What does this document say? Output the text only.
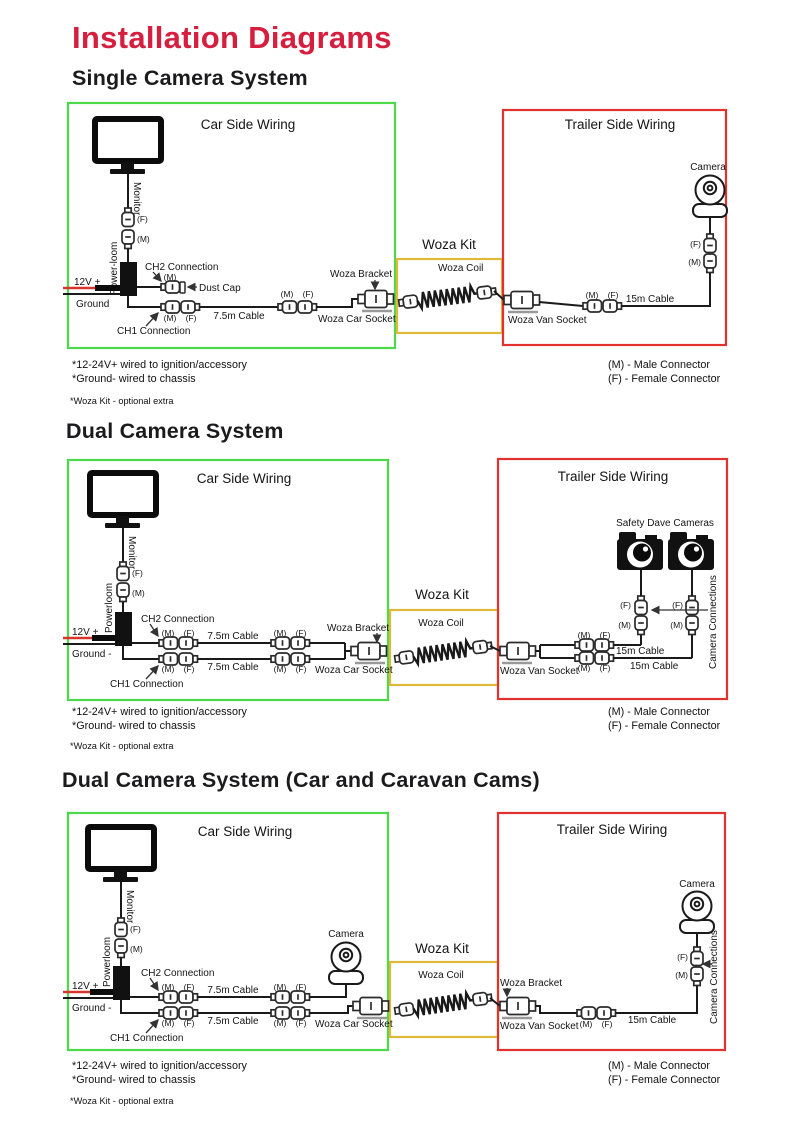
Installation Diagrams
Single Camera System
Dual Camera System
Dual Camera System (Car and Caravan Cams)
Car Side Wiring	Trailer Side Wiring
Woza Kit
Woza Coil
Monitor
(F)
(M)
Power-loom
12V +
Ground
CH2 Connection
(M)
Dust Cap
(M) (F) 7.5m Cable
(M) (F)
Woza Bracket
Woza Car Socket
CH1 Connection
Woza Van Socket
(M) (F) 15m Cable
(M)
(F)
Camera
*12-24V+ wired to ignition/accessory
*Ground- wired to chassis
*Woza Kit - optional extra
(M) - Male Connector
(F) - Female Connector
Car Side Wiring	Trailer Side Wiring
Woza Kit
Woza Coil
Monitor
(F)
(M)
Powerloom
12V +
Ground -
CH2 Connection
(M) (F) 7.5m Cable (M) (F) Woza Bracket
Woza Car Socket
(M) (F) 7.5m Cable (M) (F)
CH1 Connection
Woza Van Socket
(M) (F)
15m Cable
(M) (F) 15m Cable
(F)
(M)
(F)
(M)
Safety Dave Cameras
Camera Connections
*12-24V+ wired to ignition/accessory
*Ground- wired to chassis
*Woza Kit - optional extra
(M) - Male Connector
(F) - Female Connector
Car Side Wiring	Trailer Side Wiring
Woza Kit
Woza Coil
Monitor
(F)
(M)
Powerloom
12V +
Ground -
CH2 Connection
(M) (F) 7.5m Cable (M) (F)
Camera
(M) (F) 7.5m Cable (M) (F) Woza Car Socket
CH1 Connection
Woza Bracket
Woza Van Socket (M) (F) 15m Cable
(M)
(F)
Camera
Camera Connections
*12-24V+ wired to ignition/accessory
*Ground- wired to chassis
*Woza Kit - optional extra
(M) - Male Connector
(F) - Female Connector
